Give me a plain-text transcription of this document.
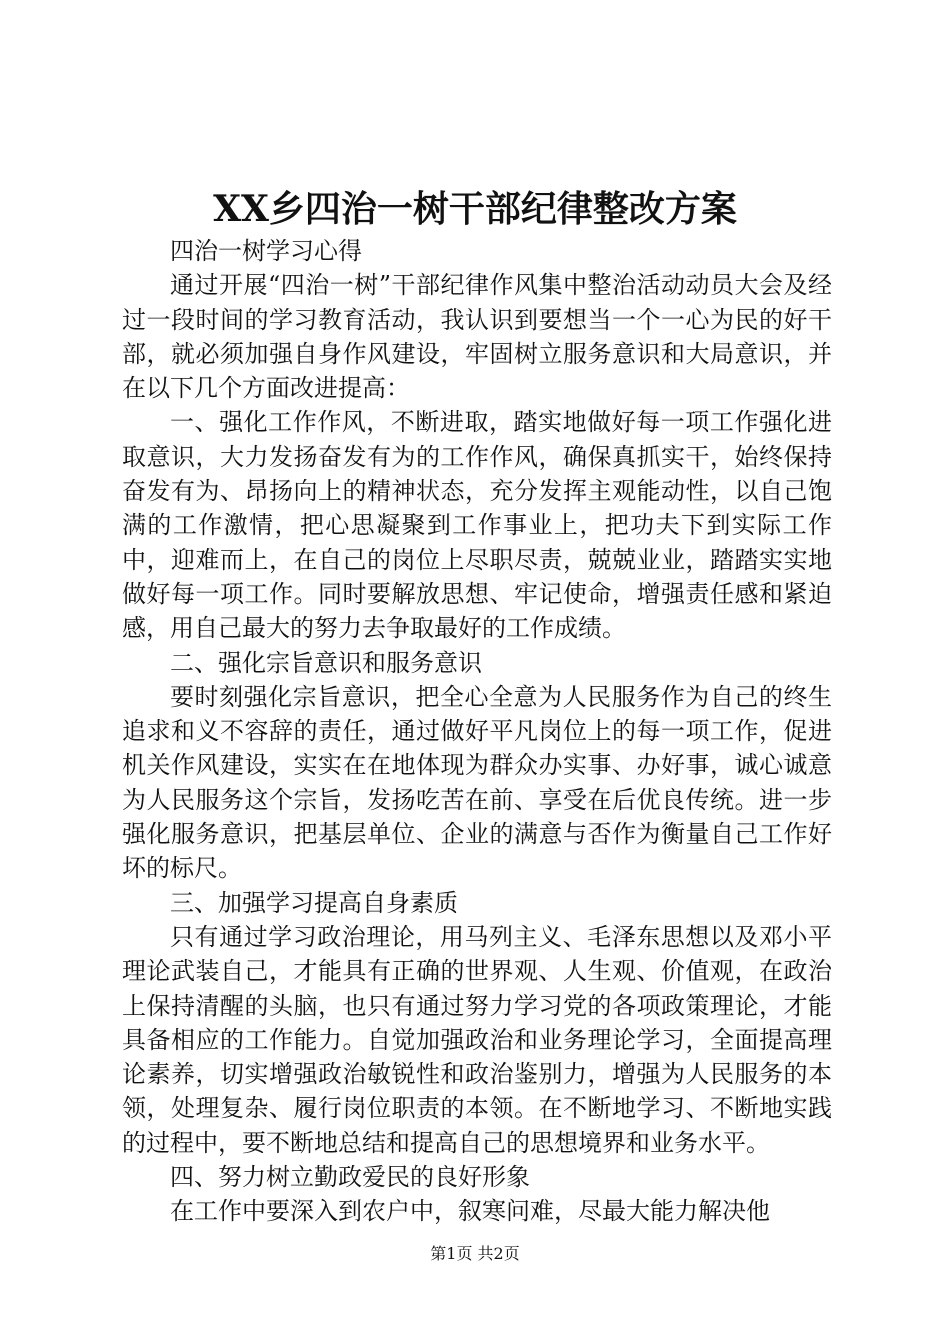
XX乡四治一树干部纪律整改方案

四治一树学习心得

通过开展“四治一树”干部纪律作风集中整治活动动员大会及经过一段时间的学习教育活动，我认识到要想当一个一心为民的好干部，就必须加强自身作风建设，牢固树立服务意识和大局意识，并在以下几个方面改进提高：

一、强化工作作风，不断进取，踏实地做好每一项工作强化进取意识，大力发扬奋发有为的工作作风，确保真抓实干，始终保持奋发有为、昂扬向上的精神状态，充分发挥主观能动性，以自己饱满的工作激情，把心思凝聚到工作事业上，把功夫下到实际工作中，迎难而上，在自己的岗位上尽职尽责，兢兢业业，踏踏实实地做好每一项工作。同时要解放思想、牢记使命，增强责任感和紧迫感，用自己最大的努力去争取最好的工作成绩。

二、强化宗旨意识和服务意识

要时刻强化宗旨意识，把全心全意为人民服务作为自己的终生追求和义不容辞的责任，通过做好平凡岗位上的每一项工作，促进机关作风建设，实实在在地体现为群众办实事、办好事，诚心诚意为人民服务这个宗旨，发扬吃苦在前、享受在后优良传统。进一步强化服务意识，把基层单位、企业的满意与否作为衡量自己工作好坏的标尺。

三、加强学习提高自身素质

只有通过学习政治理论，用马列主义、毛泽东思想以及邓小平理论武装自己，才能具有正确的世界观、人生观、价值观，在政治上保持清醒的头脑，也只有通过努力学习党的各项政策理论，才能具备相应的工作能力。自觉加强政治和业务理论学习，全面提高理论素养，切实增强政治敏锐性和政治鉴别力，增强为人民服务的本领，处理复杂、履行岗位职责的本领。在不断地学习、不断地实践的过程中，要不断地总结和提高自己的思想境界和业务水平。

四、努力树立勤政爱民的良好形象

在工作中要深入到农户中，叙寒问难，尽最大能力解决他

第1页 共2页
